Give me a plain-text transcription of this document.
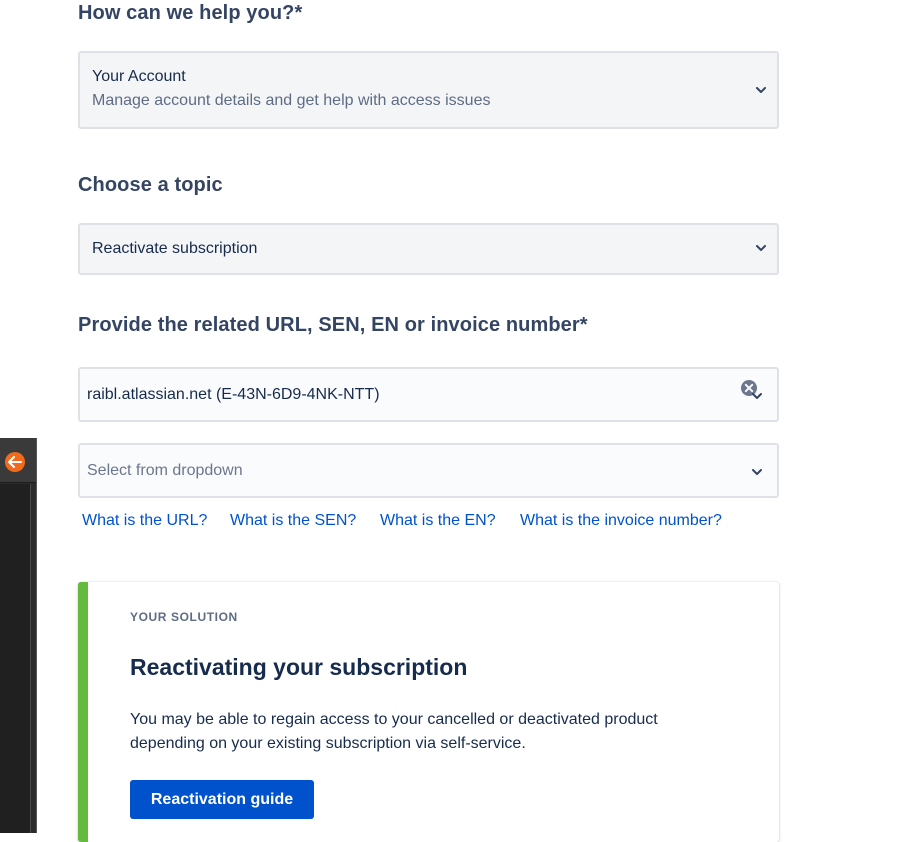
How can we help you?*
Your Account
Manage account details and get help with access issues
Choose a topic
Reactivate subscription
Provide the related URL, SEN, EN or invoice number*
raibl.atlassian.net (E-43N-6D9-4NK-NTT)
Select from dropdown
What is the URL? What is the SEN? What is the EN? What is the invoice number?
YOUR SOLUTION
Reactivating your subscription
You may be able to regain access to your cancelled or deactivated product depending on your existing subscription via self-service.
Reactivation guide
